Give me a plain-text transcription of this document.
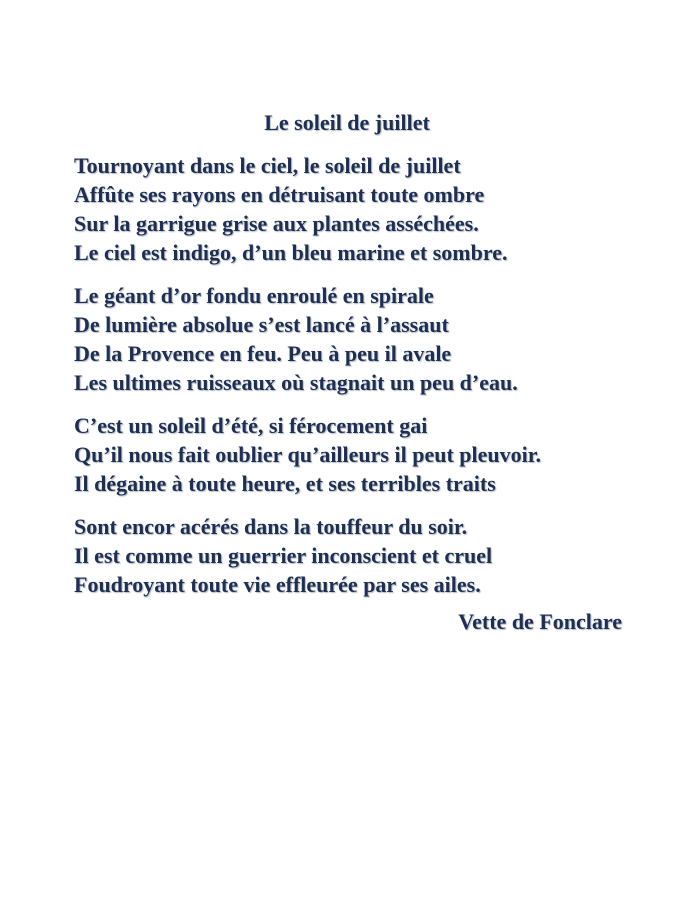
Le soleil de juillet
Tournoyant dans le ciel, le soleil de juillet
Affûte ses rayons en détruisant toute ombre
Sur la garrigue grise aux plantes asséchées.
Le ciel est indigo, d’un bleu marine et sombre.
Le géant d’or fondu enroulé en spirale
De lumière absolue s’est lancé à l’assaut
De la Provence en feu. Peu à peu il avale
Les ultimes ruisseaux où stagnait un peu d’eau.
C’est un soleil d’été, si férocement gai
Qu’il nous fait oublier qu’ailleurs il peut pleuvoir.
Il dégaine à toute heure, et ses terribles traits
Sont encor acérés dans la touffeur du soir.
Il est comme un guerrier inconscient et cruel
Foudroyant toute vie effleurée par ses ailes.

Vette de Fonclare
